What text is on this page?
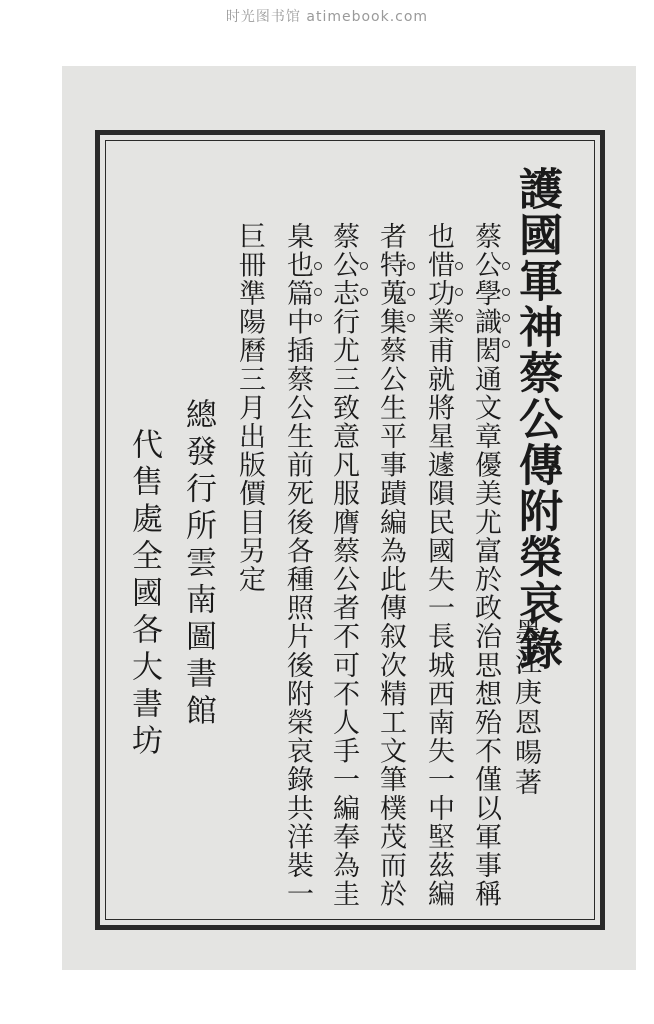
时光图书馆 atimebook.com
護國軍神蔡公傳附榮哀錄
墨江庚恩暘著
蔡公學識閎通文章優美尤富於政治思想殆不僅以軍事稱
也惜功業甫就將星遽隕民國失一長城西南失一中堅茲編
者特蒐集蔡公生平事蹟編為此傳叙次精工文筆樸茂而於
蔡公志行尤三致意凡服膺蔡公者不可不人手一編奉為圭
臬也篇中插蔡公生前死後各種照片後附榮哀錄共洋裝一
巨冊準陽曆三月出版價目另定
總發行所雲南圖書館
代售處全國各大書坊
